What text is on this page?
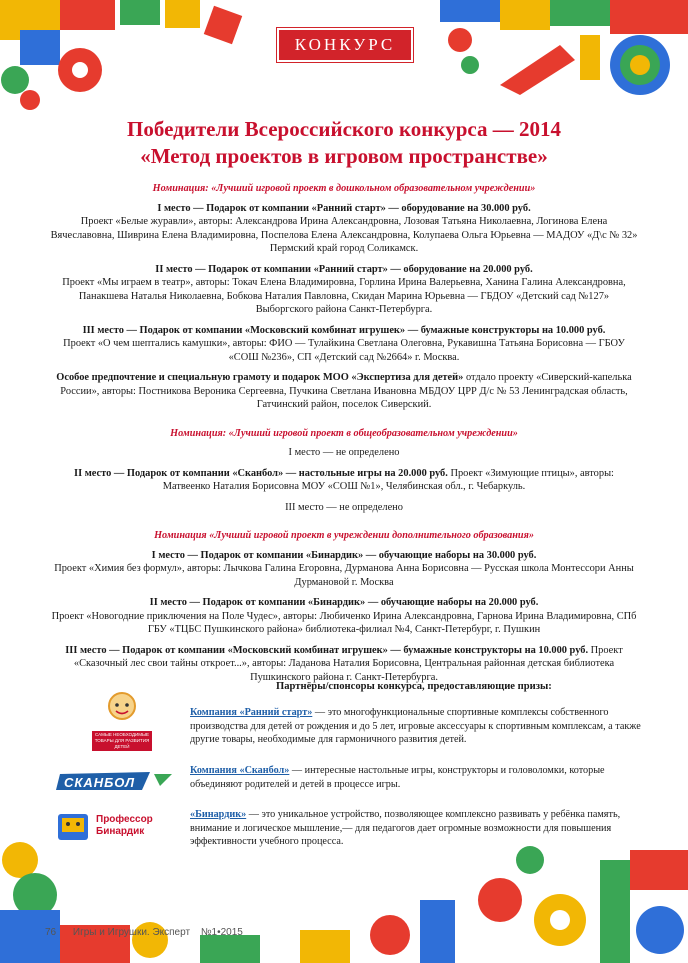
КОНКУРС
Победители Всероссийского конкурса — 2014
«Метод проектов в игровом пространстве»

Номинация: «Лучший игровой проект в дошкольном образовательном учреждении»

I место — Подарок от компании «Ранний старт» — оборудование на 30.000 руб.
Проект «Белые журавли», авторы: Александрова Ирина Александровна, Лозовая Татьяна Николаевна, Логинова Елена Вячеславовна, Шиврина Елена Владимировна, Поспелова Елена Александровна, Колупаева Ольга Юрьевна — МАДОУ «Д\с № 32» Пермский край город Соликамск.
II место — Подарок от компании «Ранний старт» — оборудование на 20.000 руб.
Проект «Мы играем в театр», авторы: Токач Елена Владимировна, Горлина Ирина Валерьевна, Ханина Галина Александровна, Панакшева Наталья Николаевна, Бобкова Наталия Павловна, Скидан Марина Юрьевна — ГБДОУ «Детский сад №127» Выборгского района Санкт-Петербурга.
III место — Подарок от компании «Московский комбинат игрушек» — бумажные конструкторы на 10.000 руб.
Проект «О чем шептались камушки», авторы: ФИО — Тулайкина Светлана Олеговна, Рукавишна Татьяна Борисовна — ГБОУ «СОШ №236», СП «Детский сад №2664» г. Москва.
Особое предпочтение и специальную грамоту и подарок МОО «Экспертиза для детей» отдало проекту «Сиверский-капелька России», авторы: Постникова Вероника Сергеевна, Пучкина Светлана Ивановна МБДОУ ЦРР Д/с № 53 Ленинградская область, Гатчинский район, поселок Сиверский.

Номинация: «Лучший игровой проект в общеобразовательном учреждении»

I место — не определено
II место — Подарок от компании «Сканбол» — настольные игры на 20.000 руб. Проект «Зимующие птицы», авторы: Матвеенко Наталия Борисовна МОУ «СОШ №1», Челябинская обл., г. Чебаркуль.
III место — не определено

Номинация «Лучший игровой проект в учреждении дополнительного образования»

I место — Подарок от компании «Бинардик» — обучающие наборы на 30.000 руб.
Проект «Химия без формул», авторы: Лычкова Галина Егоровна, Дурманова Анна Борисовна — Русская школа Монтессори Анны Дурмановой г. Москва
II место — Подарок от компании «Бинардик» — обучающие наборы на 20.000 руб.
Проект «Новогодние приключения на Поле Чудес», авторы: Любиченко Ирина Александровна, Гарнова Ирина Владимировна, СПб ГБУ «ТЦБС Пушкинского района» библиотека-филиал №4, Санкт-Петербург, г. Пушкин
III место — Подарок от компании «Московский комбинат игрушек» — бумажные конструкторы на 10.000 руб. Проект «Сказочный лес свои тайны откроет...», авторы: Ладанова Наталия Борисовна, Центральная районная детская библиотека Пушкинского района г. Санкт-Петербурга.
Партнёры/спонсоры конкурса, предоставляющие призы:
САМЫЕ НЕОБХОДИМЫЕ ТОВАРЫ ДЛЯ РАЗВИТИЯ ДЕТЕЙ
СКАНБОЛ
Профессор Бинардик
Компания «Ранний старт» — это многофункциональные спортивные комплексы собственного производства для детей от рождения и до 5 лет, игровые аксессуары к спортивным комплексам, а также другие товары, необходимые для гармоничного развития детей.
Компания «Сканбол» — интересные настольные игры, конструкторы и головоломки, которые объединяют родителей и детей в процессе игры.
«Бинардик» — это уникальное устройство, позволяющее комплексно развивать у ребёнка память, внимание и логическое мышление,— для педагогов дает огромные возможности для повышения эффективности учебного процесса.
76 Игры и Игрушки. Эксперт №1•2015
